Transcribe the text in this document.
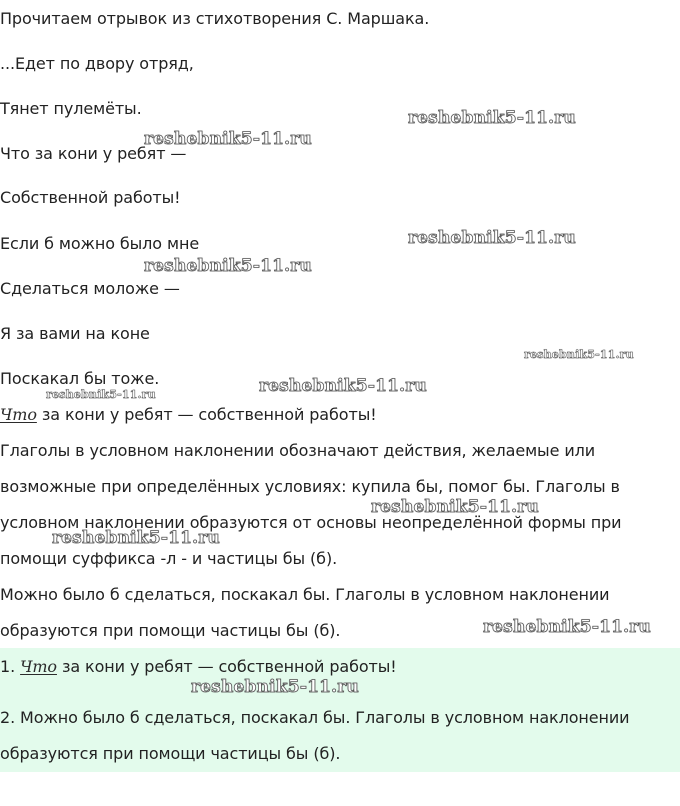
Прочитаем отрывок из стихотворения С. Маршака.
...Едет по двору отряд,
Тянет пулемёты.
Что за кони у ребят —
Собственной работы!
Если б можно было мне
Сделаться моложе —
Я за вами на коне
Поскакал бы тоже.
Что за кони у ребят — собственной работы!
Глаголы в условном наклонении обозначают действия, желаемые или
возможные при определённых условиях: купила бы, помог бы. Глаголы в
условном наклонении образуются от основы неопределённой формы при
помощи суффикса -л - и частицы бы (б).
Можно было б сделаться, поскакал бы. Глаголы в условном наклонении
образуются при помощи частицы бы (б).
1. Что за кони у ребят — собственной работы!
2. Можно было б сделаться, поскакал бы. Глаголы в условном наклонении
образуются при помощи частицы бы (б).
reshebnik5-11.ru
reshebnik5-11.ru
reshebnik5-11.ru
reshebnik5-11.ru
reshebnik5-11.ru
reshebnik5-11.ru
reshebnik5-11.ru
reshebnik5-11.ru
reshebnik5-11.ru
reshebnik5-11.ru
reshebnik5-11.ru
